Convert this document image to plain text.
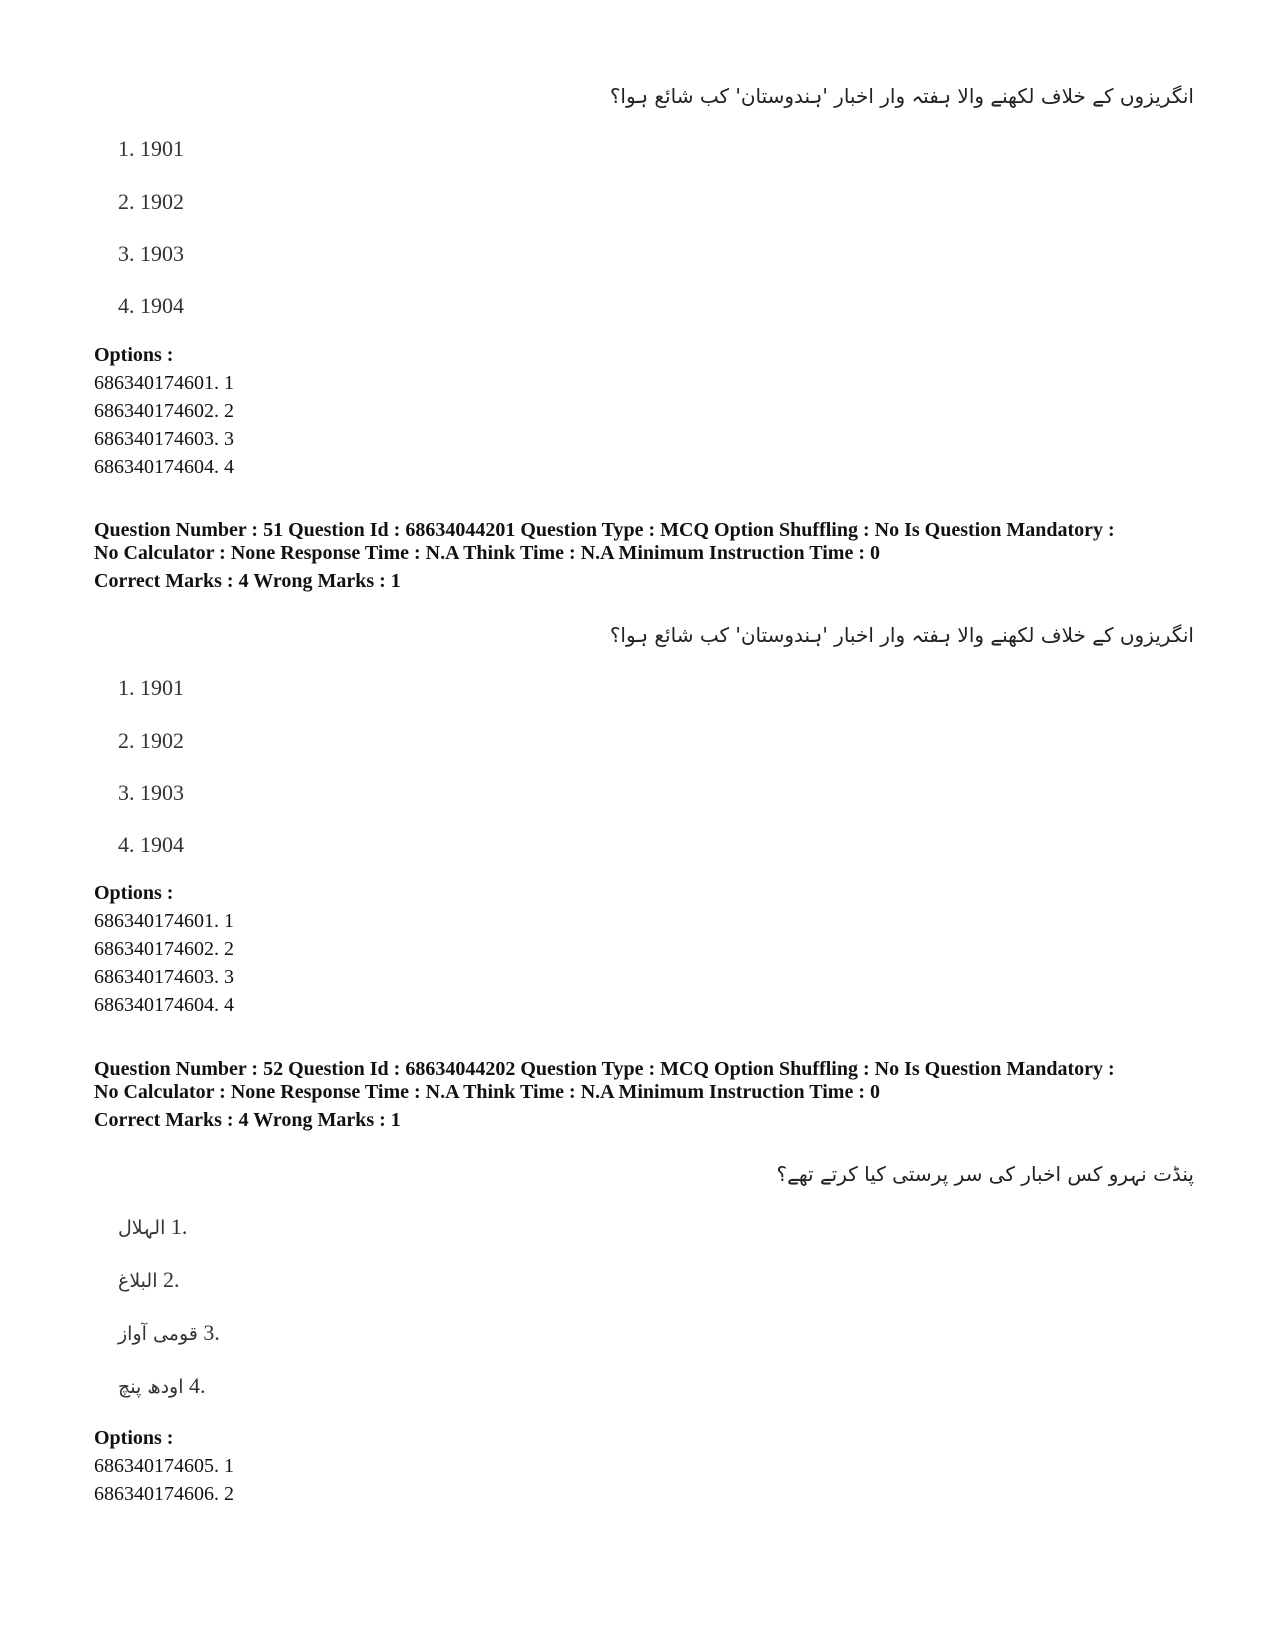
انگریزوں کے خلاف لکھنے والا ہفتہ وار اخبار 'ہندوستان' کب شائع ہوا؟
1. 1901
2. 1902
3. 1903
4. 1904
Options :
686340174601. 1
686340174602. 2
686340174603. 3
686340174604. 4
Question Number : 51 Question Id : 68634044201 Question Type : MCQ Option Shuffling : No Is Question Mandatory :
No Calculator : None Response Time : N.A Think Time : N.A Minimum Instruction Time : 0
Correct Marks : 4 Wrong Marks : 1
انگریزوں کے خلاف لکھنے والا ہفتہ وار اخبار 'ہندوستان' کب شائع ہوا؟
1. 1901
2. 1902
3. 1903
4. 1904
Options :
686340174601. 1
686340174602. 2
686340174603. 3
686340174604. 4
Question Number : 52 Question Id : 68634044202 Question Type : MCQ Option Shuffling : No Is Question Mandatory :
No Calculator : None Response Time : N.A Think Time : N.A Minimum Instruction Time : 0
Correct Marks : 4 Wrong Marks : 1
پنڈت نہرو کس اخبار کی سر پرستی کیا کرتے تھے؟
الہلال 1.
البلاغ 2.
قومی آواز 3.
اودھ پنچ 4.
Options :
686340174605. 1
686340174606. 2
